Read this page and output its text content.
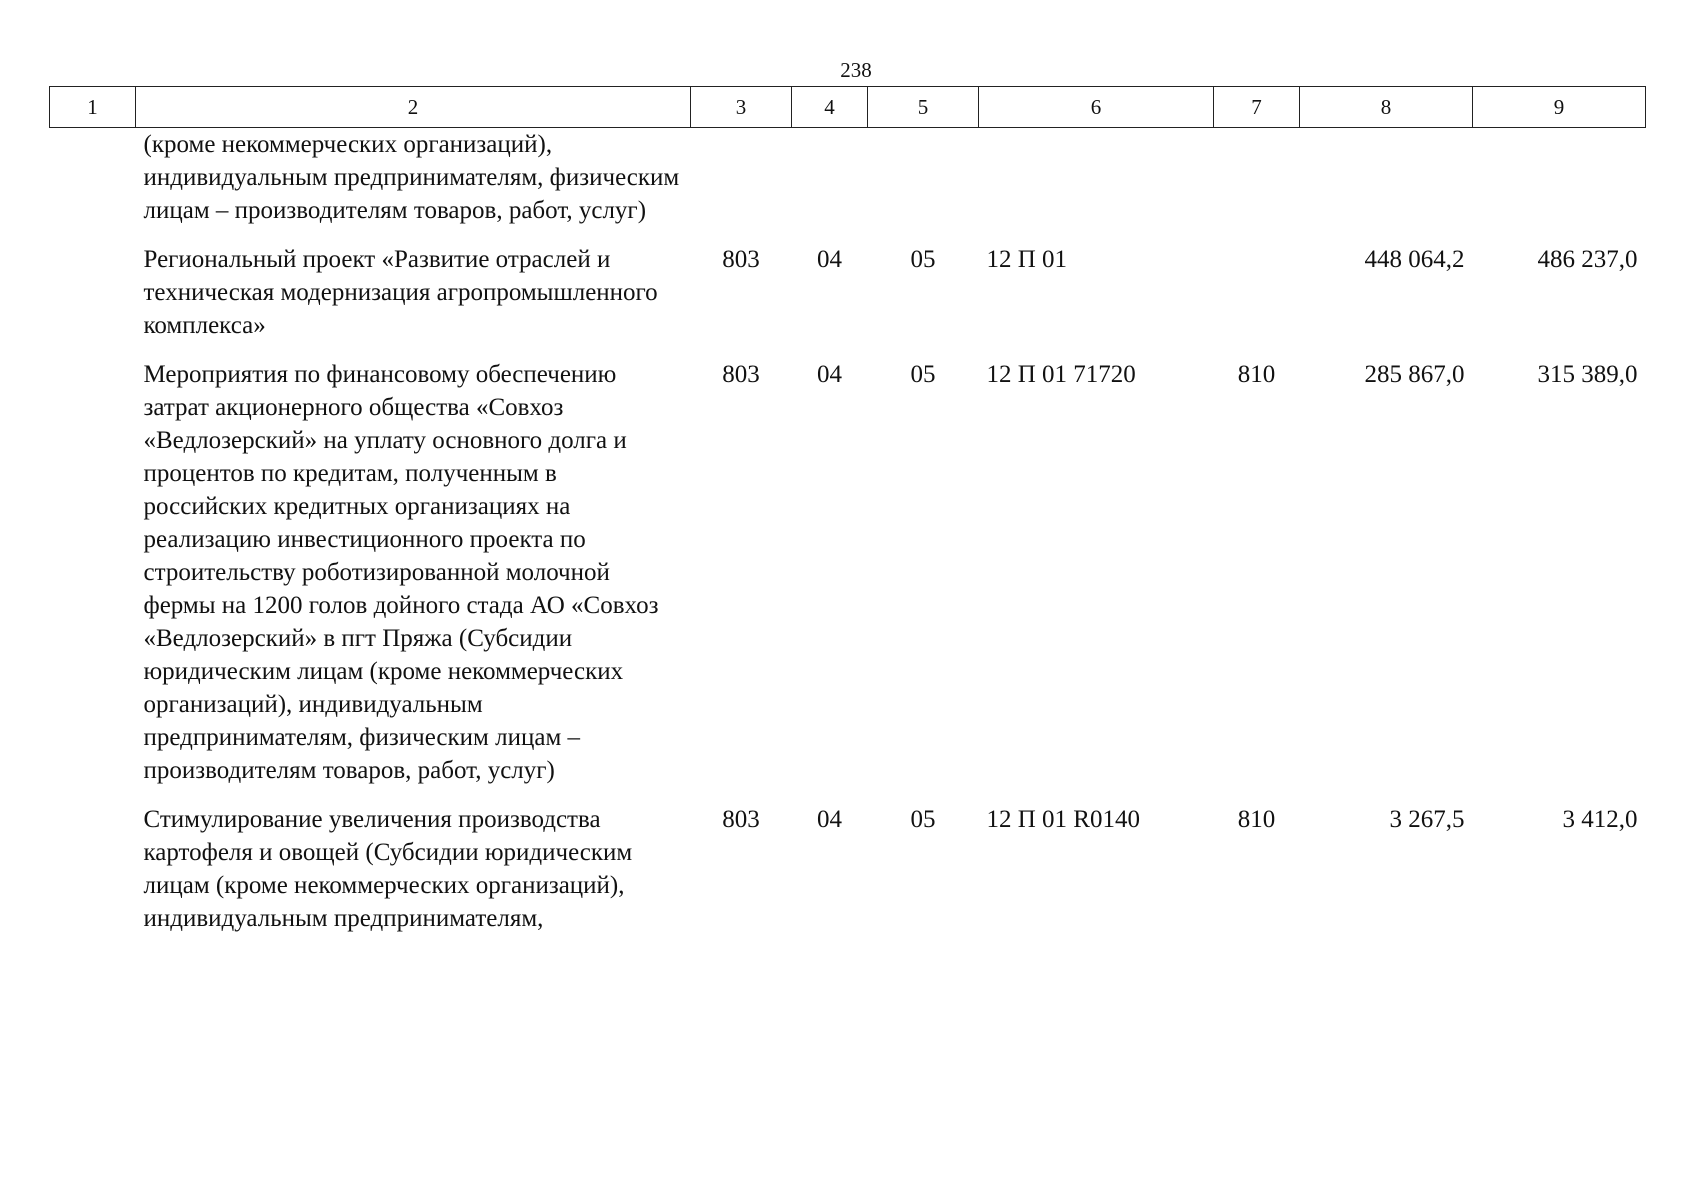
238
1	2	3	4	5	6	7	8	9
	(кроме некоммерческих организаций), индивидуальным предпринимателям, физическим лицам – производителям товаров, работ, услуг)							
	Региональный проект «Развитие отраслей и техническая модернизация агропромышленного комплекса»	803	04	05	12 П 01		448 064,2	486 237,0
	Мероприятия по финансовому обеспечению затрат акционерного общества «Совхоз «Ведлозерский» на уплату основного долга и процентов по кредитам, полученным в российских кредитных организациях на реализацию инвестиционного проекта по строительству роботизированной молочной фермы на 1200 голов дойного стада АО «Совхоз «Ведлозерский» в пгт Пряжа (Субсидии юридическим лицам (кроме некоммерческих организаций), индивидуальным предпринимателям, физическим лицам – производителям товаров, работ, услуг)	803	04	05	12 П 01 71720	810	285 867,0	315 389,0
	Стимулирование увеличения производства картофеля и овощей (Субсидии юридическим лицам (кроме некоммерческих организаций), индивидуальным предпринимателям,	803	04	05	12 П 01 R0140	810	3 267,5	3 412,0
